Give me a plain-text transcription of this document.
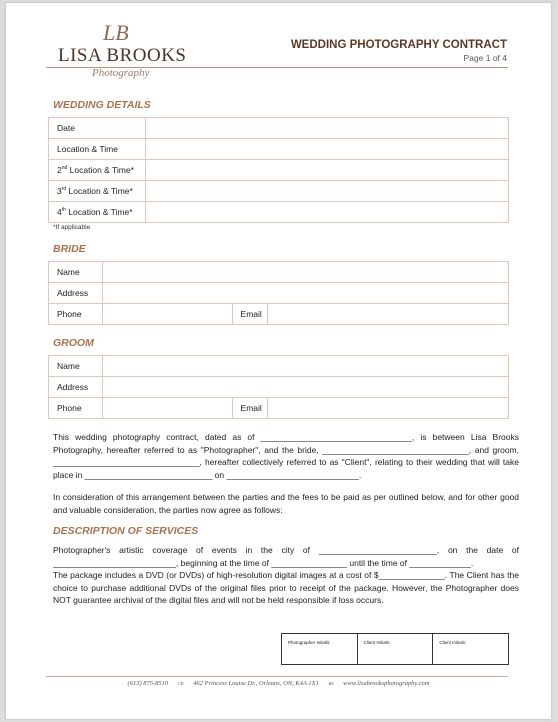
LB
LISA BROOKS
Photography
WEDDING PHOTOGRAPHY CONTRACT
Page 1 of 4
WEDDING DETAILS
Date	
Location & Time	
2nd Location & Time*	
3rd Location & Time*	
4th Location & Time*	
*If applicable
BRIDE
Name			
Address			
Phone		Email	
GROOM
Name			
Address			
Phone		Email	

This wedding photography contract, dated as of ________________________________, is between Lisa Brooks Photography, hereafter referred to as "Photographer", and the bride, _______________________________, and groom, _______________________________, hereafter collectively referred to as "Client", relating to their wedding that will take place in ___________________________ on ____________________________.

In consideration of this arrangement between the parties and the fees to be paid as per outlined below, and for other good and valuable consideration, the parties now agree as follows:

DESCRIPTION OF SERVICES

Photographer's artistic coverage of events in the city of _________________________, on the date of __________________________, beginning at the time of ________________ until the time of _____________.

The package includes a DVD (or DVDs) of high-resolution digital images at a cost of $______________. The Client has the choice to purchase additional DVDs of the original files prior to receipt of the package. However, the Photographer does NOT guarantee archival of the digital files and will not be held responsible if loss occurs.

Photographer Initials:	Client Initials:	Client Initials:
(613) 875-8510 CR 462 Princess Louise Dr., Orleans, ON, K4A 1X1 BS www.lisabrooksphotography.com
